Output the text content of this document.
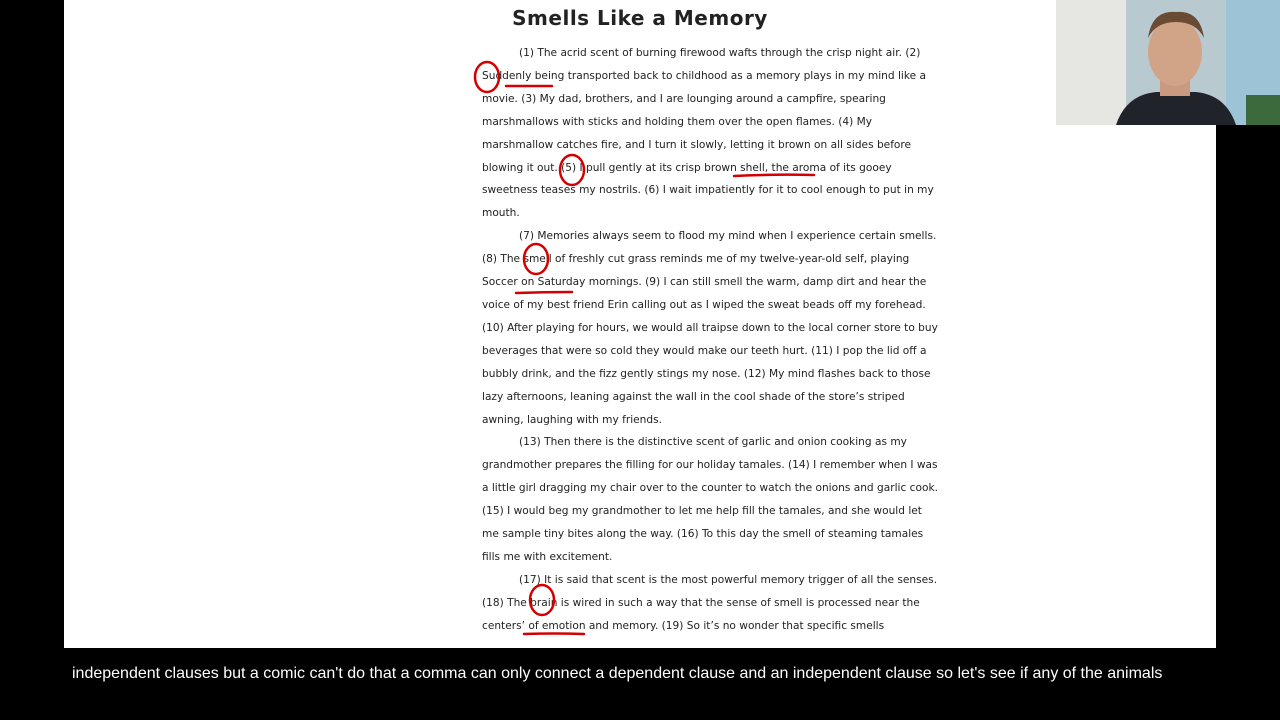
Smells Like a Memory

(1) The acrid scent of burning firewood wafts through the crisp night air. (2) Suddenly being transported back to childhood as a memory plays in my mind like a movie. (3) My dad, brothers, and I are lounging around a campfire, spearing marshmallows with sticks and holding them over the open flames. (4) My marshmallow catches fire, and I turn it slowly, letting it brown on all sides before blowing it out. (5) I pull gently at its crisp brown shell, the aroma of its gooey sweetness teases my nostrils. (6) I wait impatiently for it to cool enough to put in my mouth.

(7) Memories always seem to flood my mind when I experience certain smells. (8) The smell of freshly cut grass reminds me of my twelve-year-old self, playing Soccer on Saturday mornings. (9) I can still smell the warm, damp dirt and hear the voice of my best friend Erin calling out as I wiped the sweat beads off my forehead. (10) After playing for hours, we would all traipse down to the local corner store to buy beverages that were so cold they would make our teeth hurt. (11) I pop the lid off a bubbly drink, and the fizz gently stings my nose. (12) My mind flashes back to those lazy afternoons, leaning against the wall in the cool shade of the store’s striped awning, laughing with my friends.

(13) Then there is the distinctive scent of garlic and onion cooking as my grandmother prepares the filling for our holiday tamales. (14) I remember when I was a little girl dragging my chair over to the counter to watch the onions and garlic cook. (15) I would beg my grandmother to let me help fill the tamales, and she would let me sample tiny bites along the way. (16) To this day the smell of steaming tamales fills me with excitement.

(17) It is said that scent is the most powerful memory trigger of all the senses. (18) The brain is wired in such a way that the sense of smell is processed near the centers’ of emotion and memory. (19) So it’s no wonder that specific smells

independent clauses but a comic can't do that a comma can only connect a dependent clause and an independent clause so let's see if any of the animals
